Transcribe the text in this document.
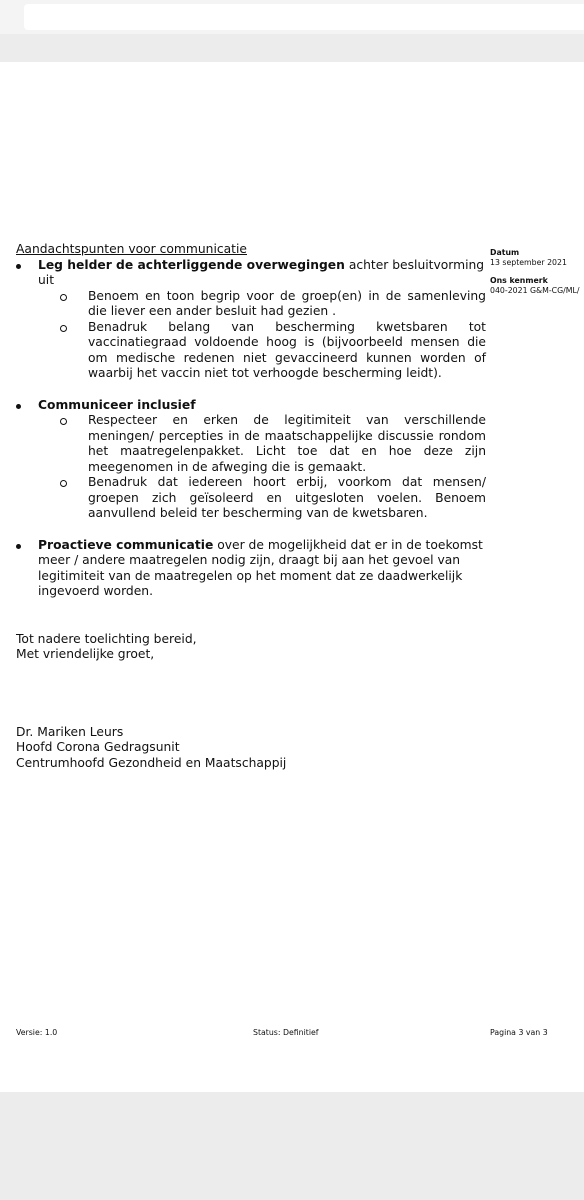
Aandachtspunten voor communicatie
Leg helder de achterliggende overwegingen achter besluitvorming uit
Benoem en toon begrip voor de groep(en) in de samenleving die liever een ander besluit had gezien .
Benadruk belang van bescherming kwetsbaren tot vaccinatiegraad voldoende hoog is (bijvoorbeeld mensen die om medische redenen niet gevaccineerd kunnen worden of waarbij het vaccin niet tot verhoogde bescherming leidt).
Communiceer inclusief
Respecteer en erken de legitimiteit van verschillende meningen/ percepties in de maatschappelijke discussie rondom het maatregelenpakket. Licht toe dat en hoe deze zijn meegenomen in de afweging die is gemaakt.
Benadruk dat iedereen hoort erbij, voorkom dat mensen/ groepen zich geïsoleerd en uitgesloten voelen. Benoem aanvullend beleid ter bescherming van de kwetsbaren.
Proactieve communicatie over de mogelijkheid dat er in de toekomst meer / andere maatregelen nodig zijn, draagt bij aan het gevoel van legitimiteit van de maatregelen op het moment dat ze daadwerkelijk ingevoerd worden.
Tot nadere toelichting bereid,
Met vriendelijke groet,
Dr. Mariken Leurs
Hoofd Corona Gedragsunit
Centrumhoofd Gezondheid en Maatschappij
Datum
13 september 2021
Ons kenmerk
040-2021 G&M-CG/ML/
Versie: 1.0	Status: Definitief	Pagina 3 van 3
